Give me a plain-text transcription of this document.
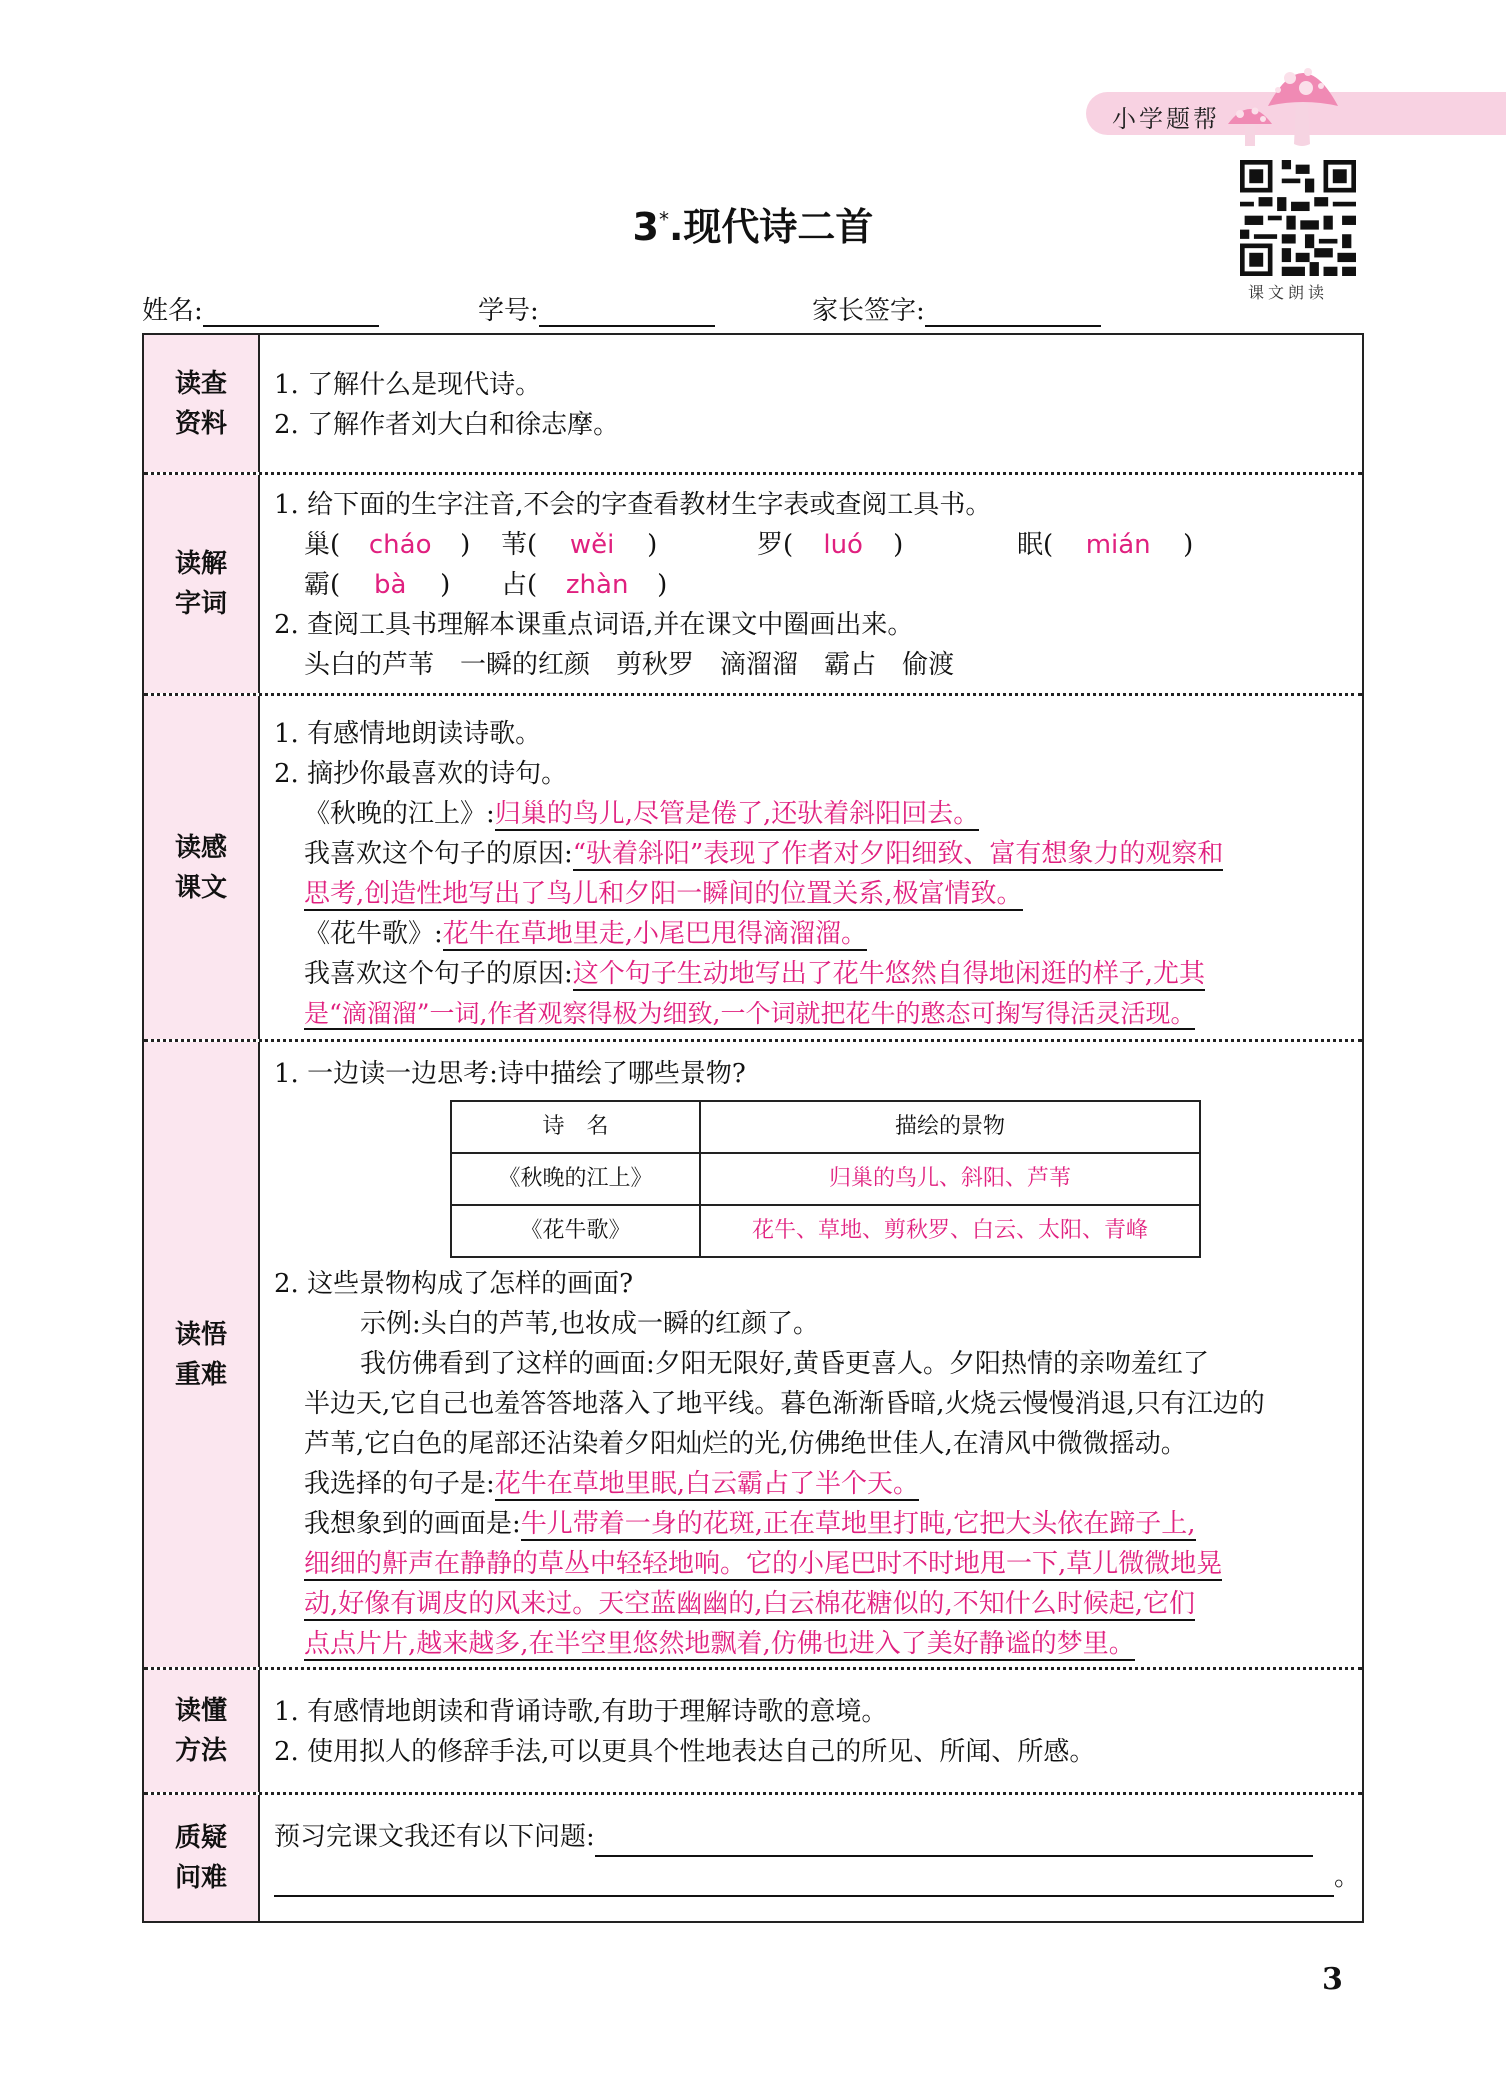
小学题帮
课文朗读
3*.现代诗二首
姓名:	学号:	家长签字:
读查
资料
1. 了解什么是现代诗。
2. 了解作者刘大白和徐志摩。
读解
字词
1. 给下面的生字注音,不会的字查看教材生字表或查阅工具书。
巢( cháo ) 苇( wěi )	罗( luó )	眠( mián )
霸( bà ) 占( zhàn )
2. 查阅工具书理解本课重点词语,并在课文中圈画出来。
头白的芦苇  一瞬的红颜  剪秋罗  滴溜溜  霸占  偷渡
读感
课文
1. 有感情地朗读诗歌。
2. 摘抄你最喜欢的诗句。
《秋晚的江上》:归巢的鸟儿,尽管是倦了,还驮着斜阳回去。
我喜欢这个句子的原因:“驮着斜阳”表现了作者对夕阳细致、富有想象力的观察和
思考,创造性地写出了鸟儿和夕阳一瞬间的位置关系,极富情致。
《花牛歌》:花牛在草地里走,小尾巴甩得滴溜溜。
我喜欢这个句子的原因:这个句子生动地写出了花牛悠然自得地闲逛的样子,尤其
是“滴溜溜”一词,作者观察得极为细致,一个词就把花牛的憨态可掬写得活灵活现。
读悟
重难
1. 一边读一边思考:诗中描绘了哪些景物?
诗　名	描绘的景物
《秋晚的江上》	归巢的鸟儿、斜阳、芦苇
《花牛歌》	花牛、草地、剪秋罗、白云、太阳、青峰
2. 这些景物构成了怎样的画面?
示例:头白的芦苇,也妆成一瞬的红颜了。
我仿佛看到了这样的画面:夕阳无限好,黄昏更喜人。夕阳热情的亲吻羞红了
半边天,它自己也羞答答地落入了地平线。暮色渐渐昏暗,火烧云慢慢消退,只有江边的
芦苇,它白色的尾部还沾染着夕阳灿烂的光,仿佛绝世佳人,在清风中微微摇动。
我选择的句子是:花牛在草地里眠,白云霸占了半个天。
我想象到的画面是:牛儿带着一身的花斑,正在草地里打盹,它把大头依在蹄子上,
细细的鼾声在静静的草丛中轻轻地响。它的小尾巴时不时地甩一下,草儿微微地晃
动,好像有调皮的风来过。天空蓝幽幽的,白云棉花糖似的,不知什么时候起,它们
点点片片,越来越多,在半空里悠然地飘着,仿佛也进入了美好静谧的梦里。
读懂
方法
1. 有感情地朗读和背诵诗歌,有助于理解诗歌的意境。
2. 使用拟人的修辞手法,可以更具个性地表达自己的所见、所闻、所感。
质疑
问难
预习完课文我还有以下问题:
。
3
